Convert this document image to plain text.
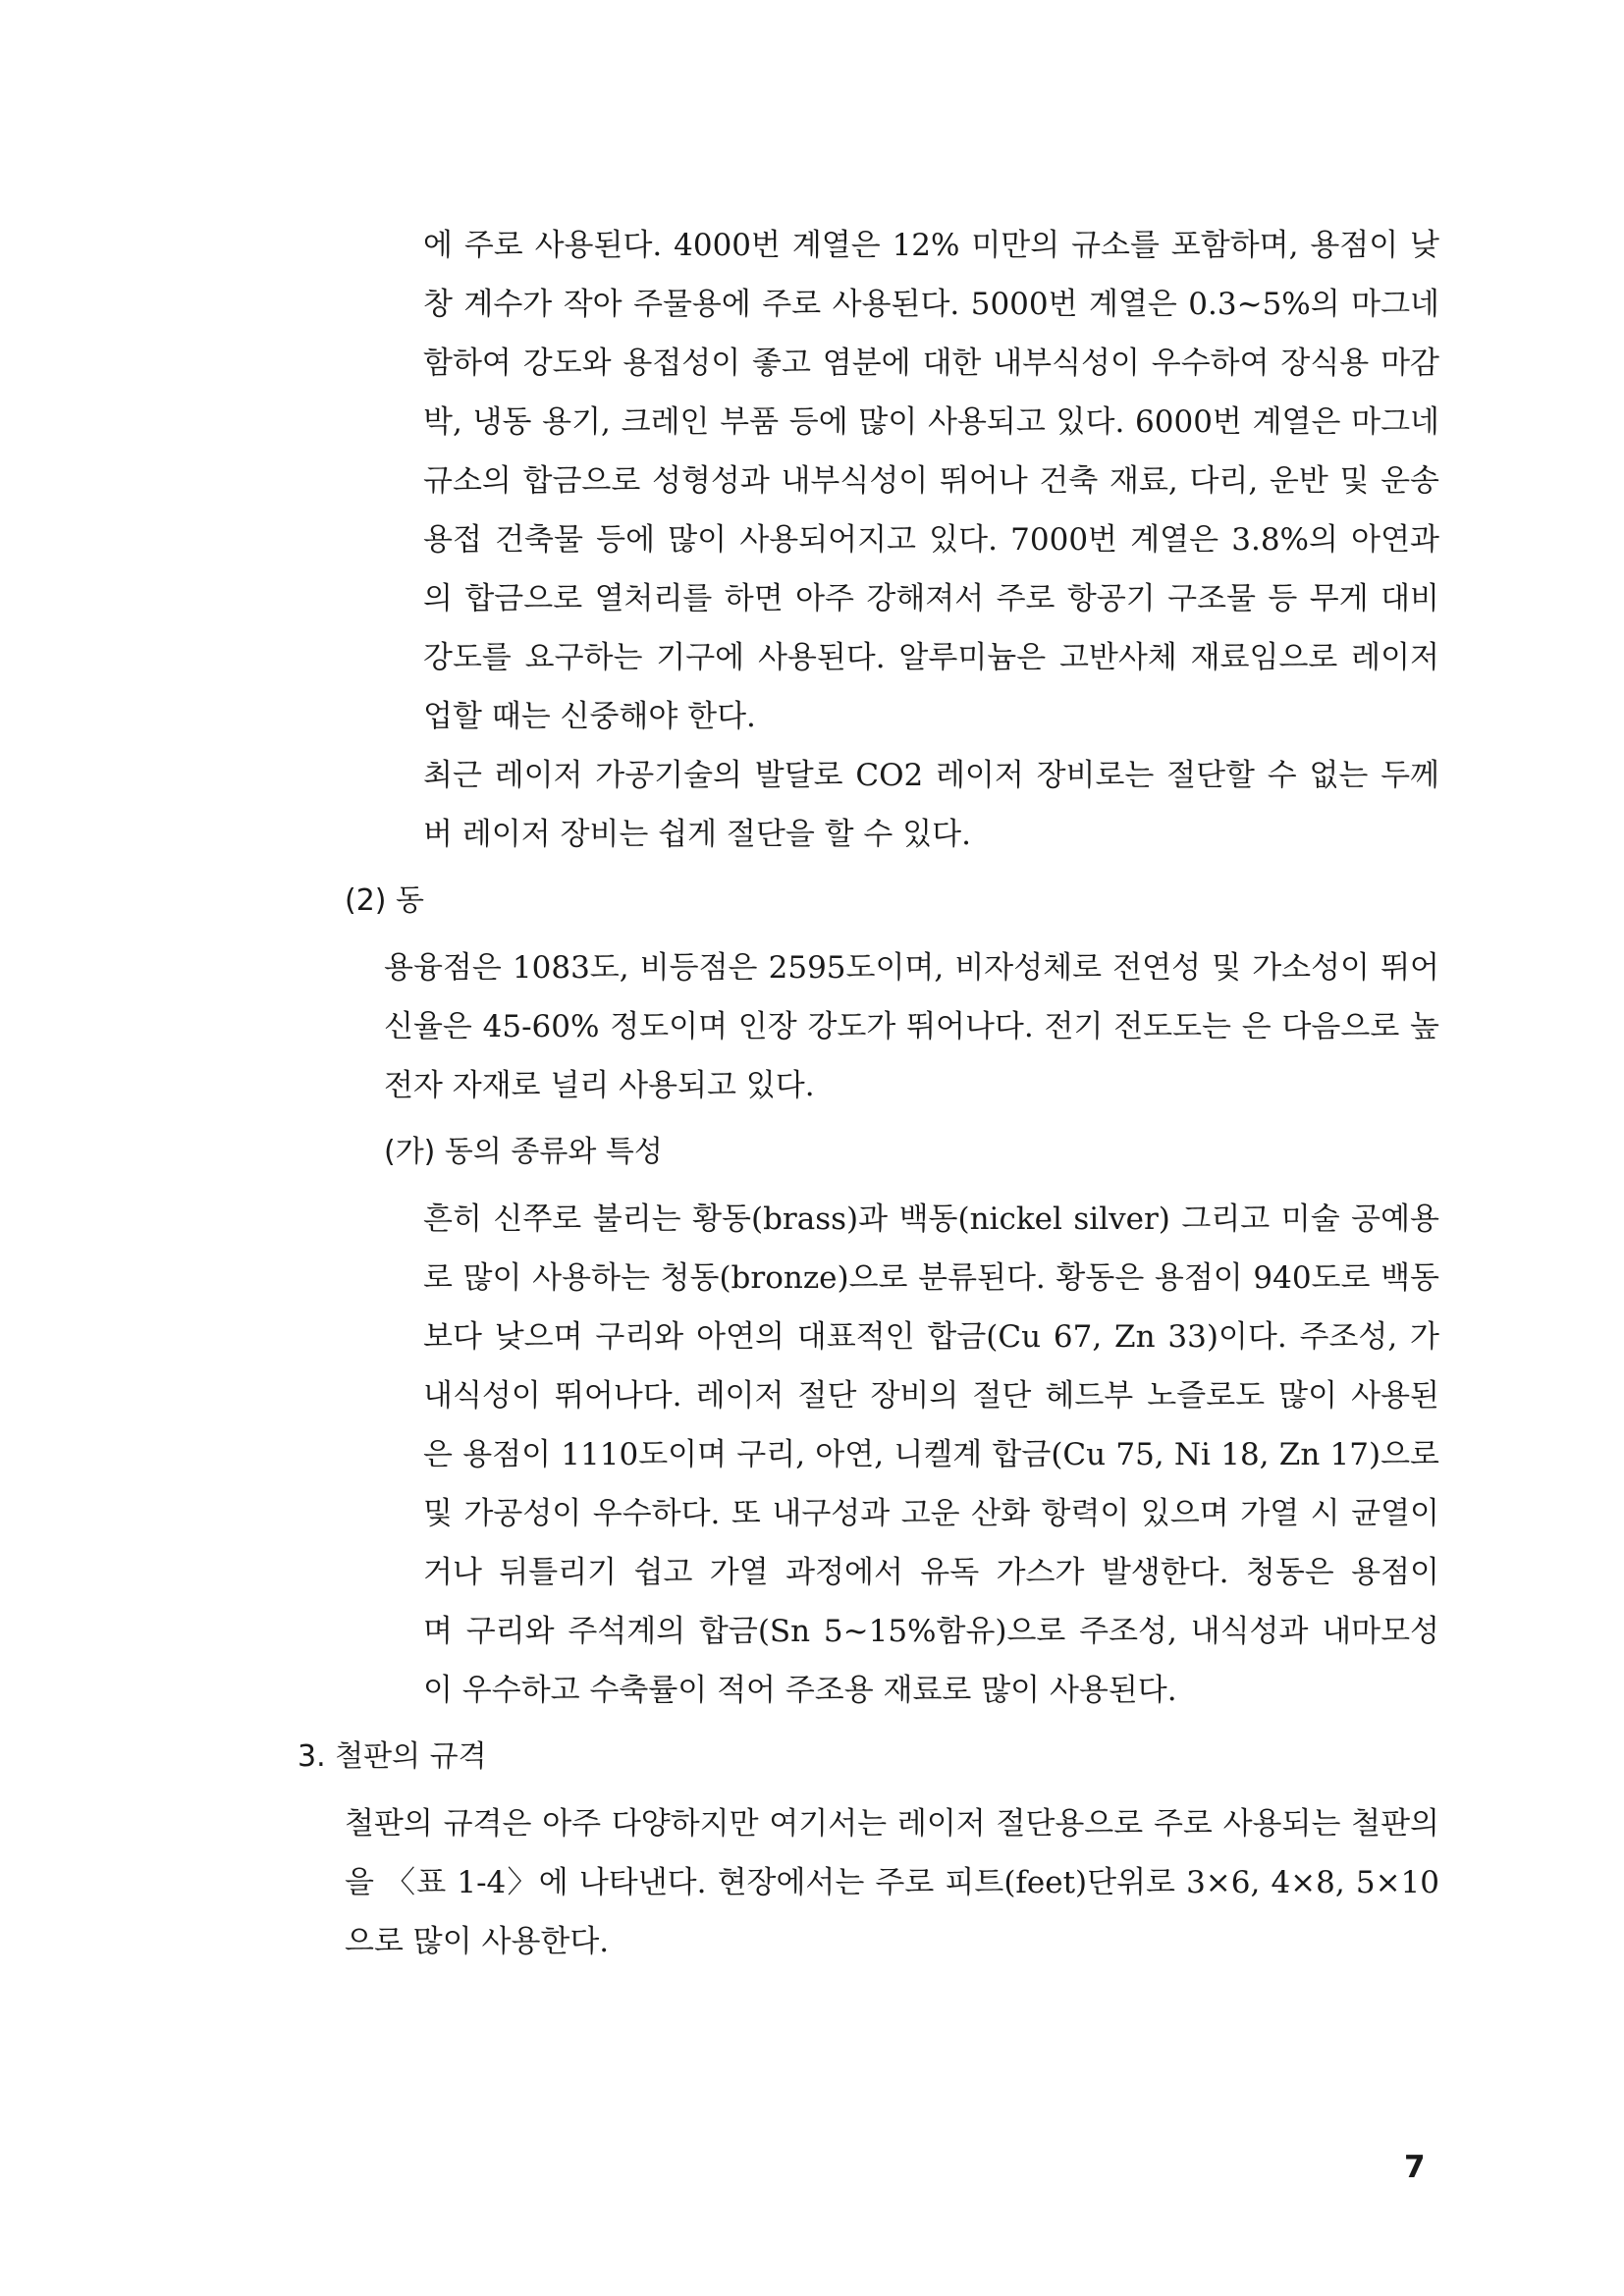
에 주로 사용된다. 4000번 계열은 12% 미만의 규소를 포함하며, 용점이 낮

창 계수가 작아 주물용에 주로 사용된다. 5000번 계열은 0.3~5%의 마그네

함하여 강도와 용접성이 좋고 염분에 대한 내부식성이 우수하여 장식용 마감

박, 냉동 용기, 크레인 부품 등에 많이 사용되고 있다. 6000번 계열은 마그네

규소의 합금으로 성형성과 내부식성이 뛰어나 건축 재료, 다리, 운반 및 운송

용접 건축물 등에 많이 사용되어지고 있다. 7000번 계열은 3.8%의 아연과

의 합금으로 열처리를 하면 아주 강해져서 주로 항공기 구조물 등 무게 대비

강도를 요구하는 기구에 사용된다. 알루미늄은 고반사체 재료임으로 레이저

업할 때는 신중해야 한다.

최근 레이저 가공기술의 발달로 CO2 레이저 장비로는 절단할 수 없는 두께

버 레이저 장비는 쉽게 절단을 할 수 있다.

(2) 동

용융점은 1083도, 비등점은 2595도이며, 비자성체로 전연성 및 가소성이 뛰어

신율은 45-60% 정도이며 인장 강도가 뛰어나다. 전기 전도도는 은 다음으로 높

전자 자재로 널리 사용되고 있다.

(가) 동의 종류와 특성

흔히 신쭈로 불리는 황동(brass)과 백동(nickel silver) 그리고 미술 공예용

로 많이 사용하는 청동(bronze)으로 분류된다. 황동은 용점이 940도로 백동

보다 낮으며 구리와 아연의 대표적인 합금(Cu 67, Zn 33)이다. 주조성, 가

내식성이 뛰어나다. 레이저 절단 장비의 절단 헤드부 노즐로도 많이 사용된

은 용점이 1110도이며 구리, 아연, 니켈계 합금(Cu 75, Ni 18, Zn 17)으로

및 가공성이 우수하다. 또 내구성과 고운 산화 항력이 있으며 가열 시 균열이

거나 뒤틀리기 쉽고 가열 과정에서 유독 가스가 발생한다. 청동은 용점이

며 구리와 주석계의 합금(Sn 5~15%함유)으로 주조성, 내식성과 내마모성

이 우수하고 수축률이 적어 주조용 재료로 많이 사용된다.

3. 철판의 규격

철판의 규격은 아주 다양하지만 여기서는 레이저 절단용으로 주로 사용되는 철판의

을 〈표 1-4〉에 나타낸다. 현장에서는 주로 피트(feet)단위로 3×6, 4×8, 5×10

으로 많이 사용한다.

7
